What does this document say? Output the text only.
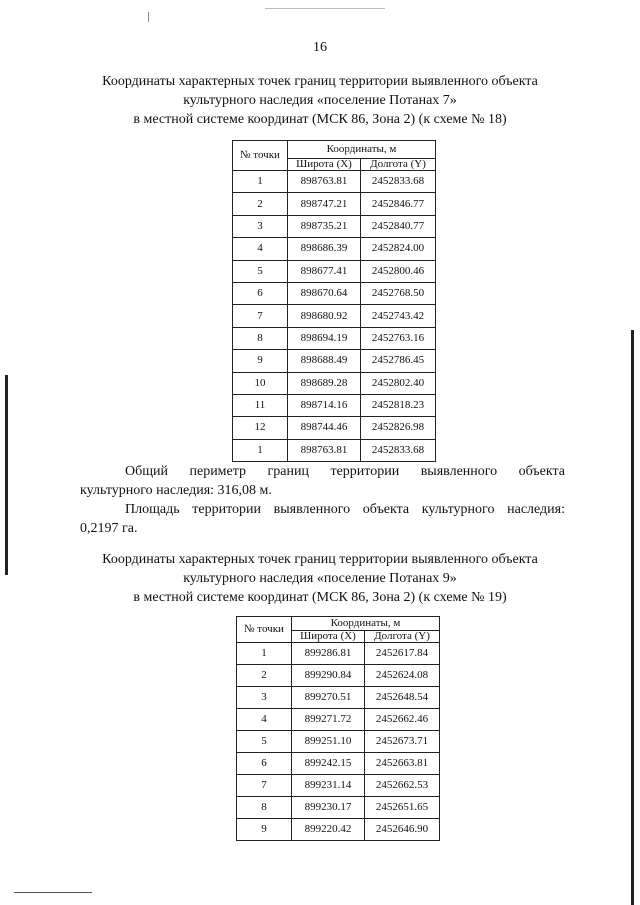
16
Координаты характерных точек границ территории выявленного объекта
культурного наследия «поселение Потанах 7»
в местной системе координат (МСК 86, Зона 2) (к схеме № 18)
№ точки	Координаты, м	
	Широта (X)	Долгота (Y)
1	898763.81	2452833.68
2	898747.21	2452846.77
3	898735.21	2452840.77
4	898686.39	2452824.00
5	898677.41	2452800.46
6	898670.64	2452768.50
7	898680.92	2452743.42
8	898694.19	2452763.16
9	898688.49	2452786.45
10	898689.28	2452802.40
11	898714.16	2452818.23
12	898744.46	2452826.98
1	898763.81	2452833.68
Общий периметр границ территории выявленного объекта
культурного наследия: 316,08 м.
Площадь территории выявленного объекта культурного наследия:
0,2197 га.
Координаты характерных точек границ территории выявленного объекта
культурного наследия «поселение Потанах 9»
в местной системе координат (МСК 86, Зона 2) (к схеме № 19)
№ точки	Координаты, м	
	Широта (X)	Долгота (Y)
1	899286.81	2452617.84
2	899290.84	2452624.08
3	899270.51	2452648.54
4	899271.72	2452662.46
5	899251.10	2452673.71
6	899242.15	2452663.81
7	899231.14	2452662.53
8	899230.17	2452651.65
9	899220.42	2452646.90
